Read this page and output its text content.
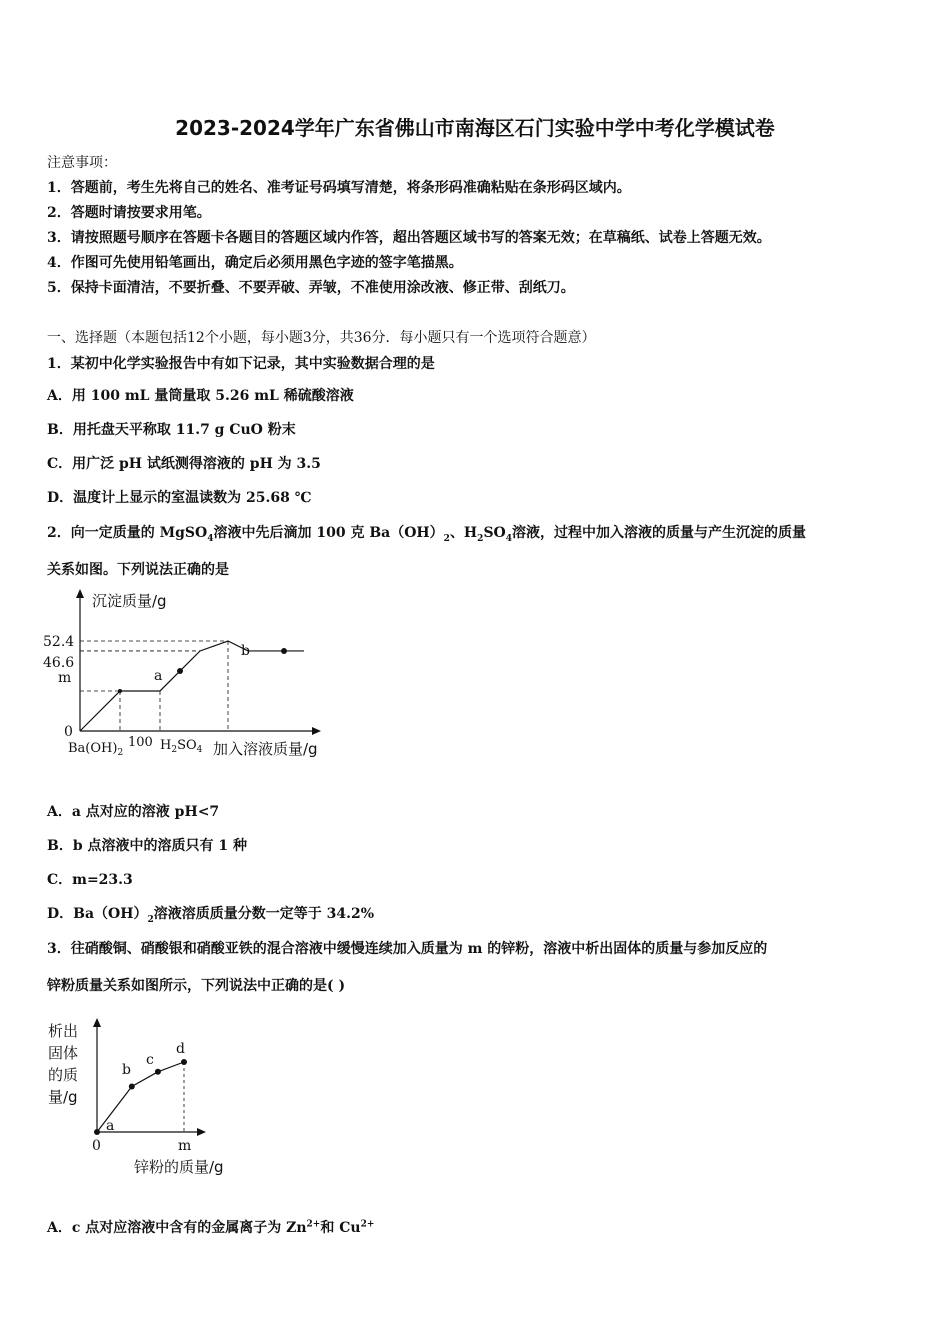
2023-2024学年广东省佛山市南海区石门实验中学中考化学模试卷
注意事项：
1．答题前，考生先将自己的姓名、准考证号码填写清楚，将条形码准确粘贴在条形码区域内。
2．答题时请按要求用笔。
3．请按照题号顺序在答题卡各题目的答题区域内作答，超出答题区域书写的答案无效；在草稿纸、试卷上答题无效。
4．作图可先使用铅笔画出，确定后必须用黑色字迹的签字笔描黑。
5．保持卡面清洁，不要折叠、不要弄破、弄皱，不准使用涂改液、修正带、刮纸刀。
一、选择题（本题包括12个小题，每小题3分，共36分．每小题只有一个选项符合题意）
1．某初中化学实验报告中有如下记录，其中实验数据合理的是
A．用 100 mL 量筒量取 5.26 mL 稀硫酸溶液
B．用托盘天平称取 11.7 g CuO 粉末
C．用广泛 pH 试纸测得溶液的 pH 为 3.5
D．温度计上显示的室温读数为 25.68 ℃
2．向一定质量的 MgSO$_4$溶液中先后滴加 100 克 $Ba(OH)_2$、$H_2SO_4$溶液，过程中加入溶液的质量与产生沉淀的质量
关系如图。下列说法正确的是
沉淀质量/g
加入溶液质量/g
52.4
46.6
m
0
$Ba(OH)_2$
100 $H_2SO_4$
a
b
A．a 点对应的溶液 pH<7
B．b 点溶液中的溶质只有 1 种
C．m=23.3
D．$Ba(OH)_2$溶液溶质质量分数一定等于 34.2%
3．往硝酸铜、硝酸银和硝酸亚铁的混合溶液中缓慢连续加入质量为 m 的锌粉，溶液中析出固体的质量与参加反应的
锌粉质量关系如图所示，下列说法中正确的是( )
析出
固体
的质
量/g
0	m
锌粉的质量/g
a
b
c
d
A．c 点对应溶液中含有的金属离子为 $Zn^{2+}$和 $Cu^{2+}$
